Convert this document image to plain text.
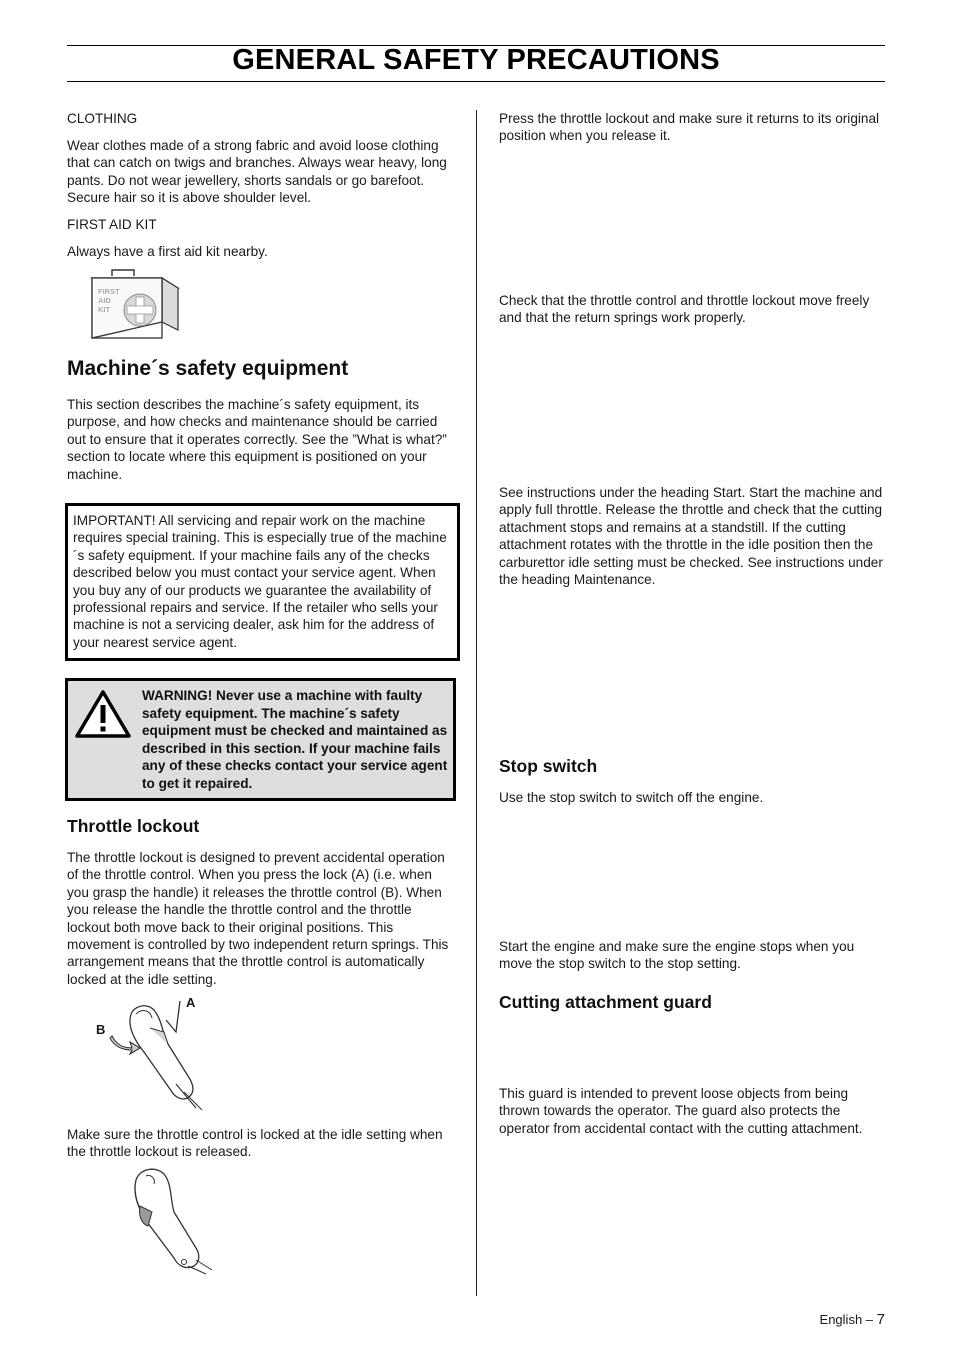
GENERAL SAFETY PRECAUTIONS

CLOTHING

Wear clothes made of a strong fabric and avoid loose clothing that can catch on twigs and branches. Always wear heavy, long pants. Do not wear jewellery, shorts sandals or go barefoot. Secure hair so it is above shoulder level.

FIRST AID KIT

Always have a first aid kit nearby.

FIRST
AID
KIT
Machine´s safety equipment

This section describes the machine´s safety equipment, its purpose, and how checks and maintenance should be carried out to ensure that it operates correctly. See the ”What is what?” section to locate where this equipment is positioned on your machine.

IMPORTANT! All servicing and repair work on the machine requires special training. This is especially true of the machine´s safety equipment. If your machine fails any of the checks described below you must contact your service agent. When you buy any of our products we guarantee the availability of professional repairs and service. If the retailer who sells your machine is not a servicing dealer, ask him for the address of your nearest service agent.

WARNING! Never use a machine with faulty safety equipment. The machine´s safety equipment must be checked and maintained as described in this section. If your machine fails any of these checks contact your service agent to get it repaired.

Throttle lockout

The throttle lockout is designed to prevent accidental operation of the throttle control. When you press the lock (A) (i.e. when you grasp the handle) it releases the throttle control (B). When you release the handle the throttle control and the throttle lockout both move back to their original positions. This movement is controlled by two independent return springs. This arrangement means that the throttle control is automatically locked at the idle setting.

A
B

Make sure the throttle control is locked at the idle setting when the throttle lockout is released.

Press the throttle lockout and make sure it returns to its original position when you release it.

Check that the throttle control and throttle lockout move freely and that the return springs work properly.

See instructions under the heading Start. Start the machine and apply full throttle. Release the throttle and check that the cutting attachment stops and remains at a standstill. If the cutting attachment rotates with the throttle in the idle position then the carburettor idle setting must be checked. See instructions under the heading Maintenance.

Stop switch

Use the stop switch to switch off the engine.

Start the engine and make sure the engine stops when you move the stop switch to the stop setting.

Cutting attachment guard

This guard is intended to prevent loose objects from being thrown towards the operator. The guard also protects the operator from accidental contact with the cutting attachment.

English – 7
